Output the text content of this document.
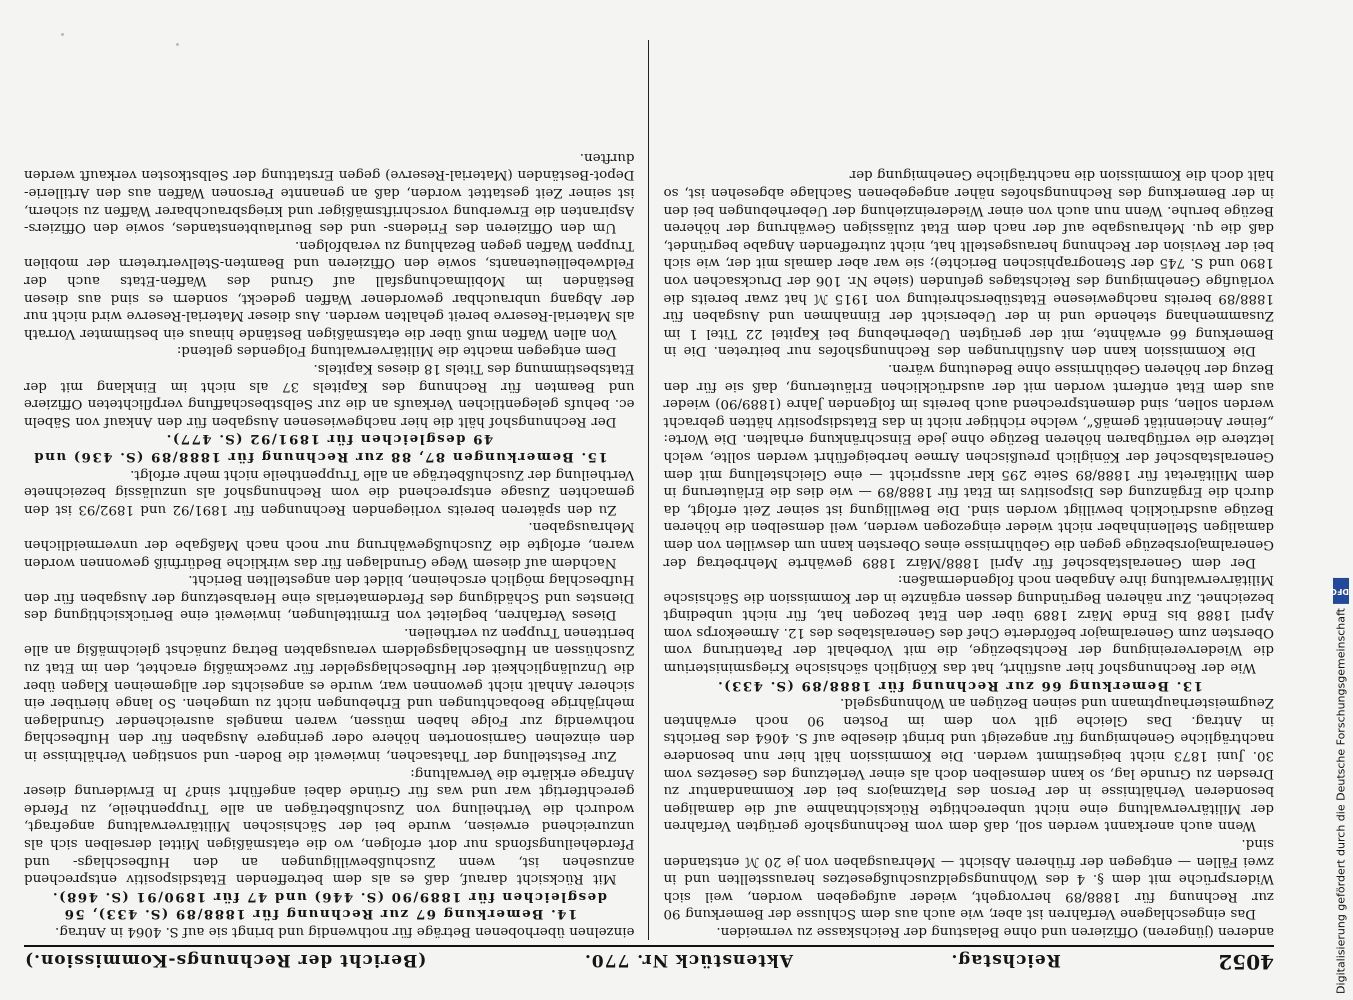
4052
Reichstag.
Aktenstück Nr. 770.
(Bericht der Rechnungs-Kommission.)

anderen (jüngeren) Offizieren und ohne Belastung der Reichskasse zu vermeiden.

Das eingeschlagene Verfahren ist aber, wie auch aus dem Schlusse der Bemerkung 90 zur Rechnung für 1888/89 hervorgeht, wieder aufgegeben worden, weil sich Widersprüche mit dem §. 4 des Wohnungsgeldzuschußgesetzes herausstellten und in zwei Fällen — entgegen der früheren Absicht — Mehrausgaben von je 20 ℳ entstanden sind.

Wenn auch anerkannt werden soll, daß dem vom Rechnungshofe gerügten Verfahren der Militärverwaltung eine nicht unberechtigte Rücksichtnahme auf die damaligen besonderen Verhältnisse in der Person des Platzmajors bei der Kommandantur zu Dresden zu Grunde lag, so kann demselben doch als einer Verletzung des Gesetzes vom 30. Juni 1873 nicht beigestimmt werden. Die Kommission hält hier nun besondere nachträgliche Genehmigung für angezeigt und bringt dieselbe auf S. 4064 des Berichts in Antrag. Das Gleiche gilt von dem im Posten 90 noch erwähnten Zeugmeisterhauptmann und seinen Bezügen an Wohnungsgeld.

13. Bemerkung 66 zur Rechnung für 1888/89 (S. 433).

Wie der Rechnungshof hier ausführt, hat das Königlich sächsische Kriegsministerium die Wiedervereinigung der Rechtsbezüge, die mit Vorbehalt der Patentirung vom Obersten zum Generalmajor beförderte Chef des Generalstabes des 12. Armeekorps vom April 1888 bis Ende März 1889 über den Etat bezogen hat, für nicht unbedingt bezeichnet. Zur näheren Begründung dessen ergänzte in der Kommission die Sächsische Militärverwaltung ihre Angaben noch folgendermaßen:

Der dem Generalstabschef für April 1888/März 1889 gewährte Mehrbetrag der Generalmajorsbezüge gegen die Gebührnisse eines Obersten kann um deswillen von dem damaligen Stelleninhaber nicht wieder eingezogen werden, weil demselben die höheren Bezüge ausdrücklich bewilligt worden sind. Die Bewilligung ist seiner Zeit erfolgt, da durch die Ergänzung des Dispositivs im Etat für 1888/89 — wie dies die Erläuterung in dem Militäretat für 1888/89 Seite 295 klar ausspricht — eine Gleichstellung mit dem Generalstabschef der Königlich preußischen Armee herbeigeführt werden sollte, welch letztere die verfügbaren höheren Bezüge ohne jede Einschränkung erhalten. Die Worte: „feiner Anciennität gemäß“, welche richtiger nicht in das Etatsdispositiv hätten gebracht werden sollen, sind dementsprechend auch bereits im folgenden Jahre (1889/90) wieder aus dem Etat entfernt worden mit der ausdrücklichen Erläuterung, daß sie für den Bezug der höheren Gebührnisse ohne Bedeutung wären.

Die Kommission kann den Ausführungen des Rechnungshofes nur beitreten. Die in Bemerkung 66 erwähnte, mit der gerügten Ueberhebung bei Kapitel 22 Titel 1 im Zusammenhang stehende und in der Uebersicht der Einnahmen und Ausgaben für 1888/89 bereits nachgewiesene Etatsüberschreitung von 1915 ℳ hat zwar bereits die vorläufige Genehmigung des Reichstages gefunden (siehe Nr. 106 der Drucksachen von 1890 und S. 745 der Stenographischen Berichte); sie war aber damals mit der, wie sich bei der Revision der Rechnung herausgestellt hat, nicht zutreffenden Angabe begründet, daß die qu. Mehrausgabe auf der nach dem Etat zulässigen Gewährung der höheren Bezüge beruhe. Wenn nun auch von einer Wiedereinziehung der Ueberhebungen bei den in der Bemerkung des Rechnungshofes näher angegebenen Sachlage abgesehen ist, so hält doch die Kommission die nachträgliche Genehmigung der

einzelnen überhobenen Beträge für nothwendig und bringt sie auf S. 4064 in Antrag.

14. Bemerkung 67 zur Rechnung für 1888/89 (S. 433), 56 desgleichen für 1889/90 (S. 446) und 47 für 1890/91 (S. 468).

Mit Rücksicht darauf, daß es als dem betreffenden Etatsdispositiv entsprechend anzusehen ist, wenn Zuschußbewilligungen an den Hufbeschlags- und Pferdeheilungsfonds nur dort erfolgen, wo die etatsmäßigen Mittel derselben sich als unzureichend erweisen, wurde bei der Sächsischen Militärverwaltung angefragt, wodurch die Vertheilung von Zuschußbeträgen an alle Truppentheile, zu Pferde gerechtfertigt war und was für Gründe dabei angeführt sind? In Erwiderung dieser Anfrage erklärte die Verwaltung:

Zur Feststellung der Thatsachen, inwieweit die Boden- und sonstigen Verhältnisse in den einzelnen Garnisonorten höhere oder geringere Ausgaben für den Hufbeschlag nothwendig zur Folge haben müssen, waren mangels ausreichender Grundlagen mehrjährige Beobachtungen und Erhebungen nicht zu umgehen. So lange hierüber ein sicherer Anhalt nicht gewonnen war, wurde es angesichts der allgemeinen Klagen über die Unzulänglichkeit der Hufbeschlagsgelder für zweckmäßig erachtet, den im Etat zu Zuschüssen an Hufbeschlagsgeldern verausgabten Betrag zunächst gleichmäßig an alle berittenen Truppen zu vertheilen.

Dieses Verfahren, begleitet von Ermittelungen, inwieweit eine Berücksichtigung des Dienstes und Schädigung des Pferdematerials eine Herabsetzung der Ausgaben für den Hufbeschlag möglich erscheinen, bildet den angestellten Bericht.

Nachdem auf diesem Wege Grundlagen für das wirkliche Bedürfniß gewonnen worden waren, erfolgte die Zuschußgewährung nur noch nach Maßgabe der unvermeidlichen Mehrausgaben.

Zu den späteren bereits vorliegenden Rechnungen für 1891/92 und 1892/93 ist den gemachten Zusage entsprechend die vom Rechnungshof als unzulässig bezeichnete Vertheilung der Zuschußbeträge an alle Truppentheile nicht mehr erfolgt.

15. Bemerkungen 87, 88 zur Rechnung für 1888/89 (S. 436) und 49 desgleichen für 1891/92 (S. 477).

Der Rechnungshof hält die hier nachgewiesenen Ausgaben für den Ankauf von Säbeln ec. behufs gelegentlichen Verkaufs an die zur Selbstbeschaffung verpflichteten Offiziere und Beamten für Rechnung des Kapitels 37 als nicht im Einklang mit der Etatsbestimmung des Titels 18 dieses Kapitels.

Dem entgegen machte die Militärverwaltung Folgendes geltend:

Von allen Waffen muß über die etatsmäßigen Bestände hinaus ein bestimmter Vorrath als Material-Reserve bereit gehalten werden. Aus dieser Material-Reserve wird nicht nur der Abgang unbrauchbar gewordener Waffen gedeckt, sondern es sind aus diesen Beständen im Mobilmachungsfall auf Grund des Waffen-Etats auch der Feldwebellieutenants, sowie den Offizieren und Beamten-Stellvertretern der mobilen Truppen Waffen gegen Bezahlung zu verabfolgen.

Um den Offizieren des Friedens- und des Beurlaubtenstandes, sowie den Offiziers-Aspiranten die Erwerbung vorschriftsmäßiger und kriegsbrauchbarer Waffen zu sichern, ist seiner Zeit gestattet worden, daß an genannte Personen Waffen aus den Artillerie-Depot-Beständen (Material-Reserve) gegen Erstattung der Selbstkosten verkauft werden durften.

Digitalisierung gefördert durch die Deutsche Forschungsgemeinschaft
DFG
